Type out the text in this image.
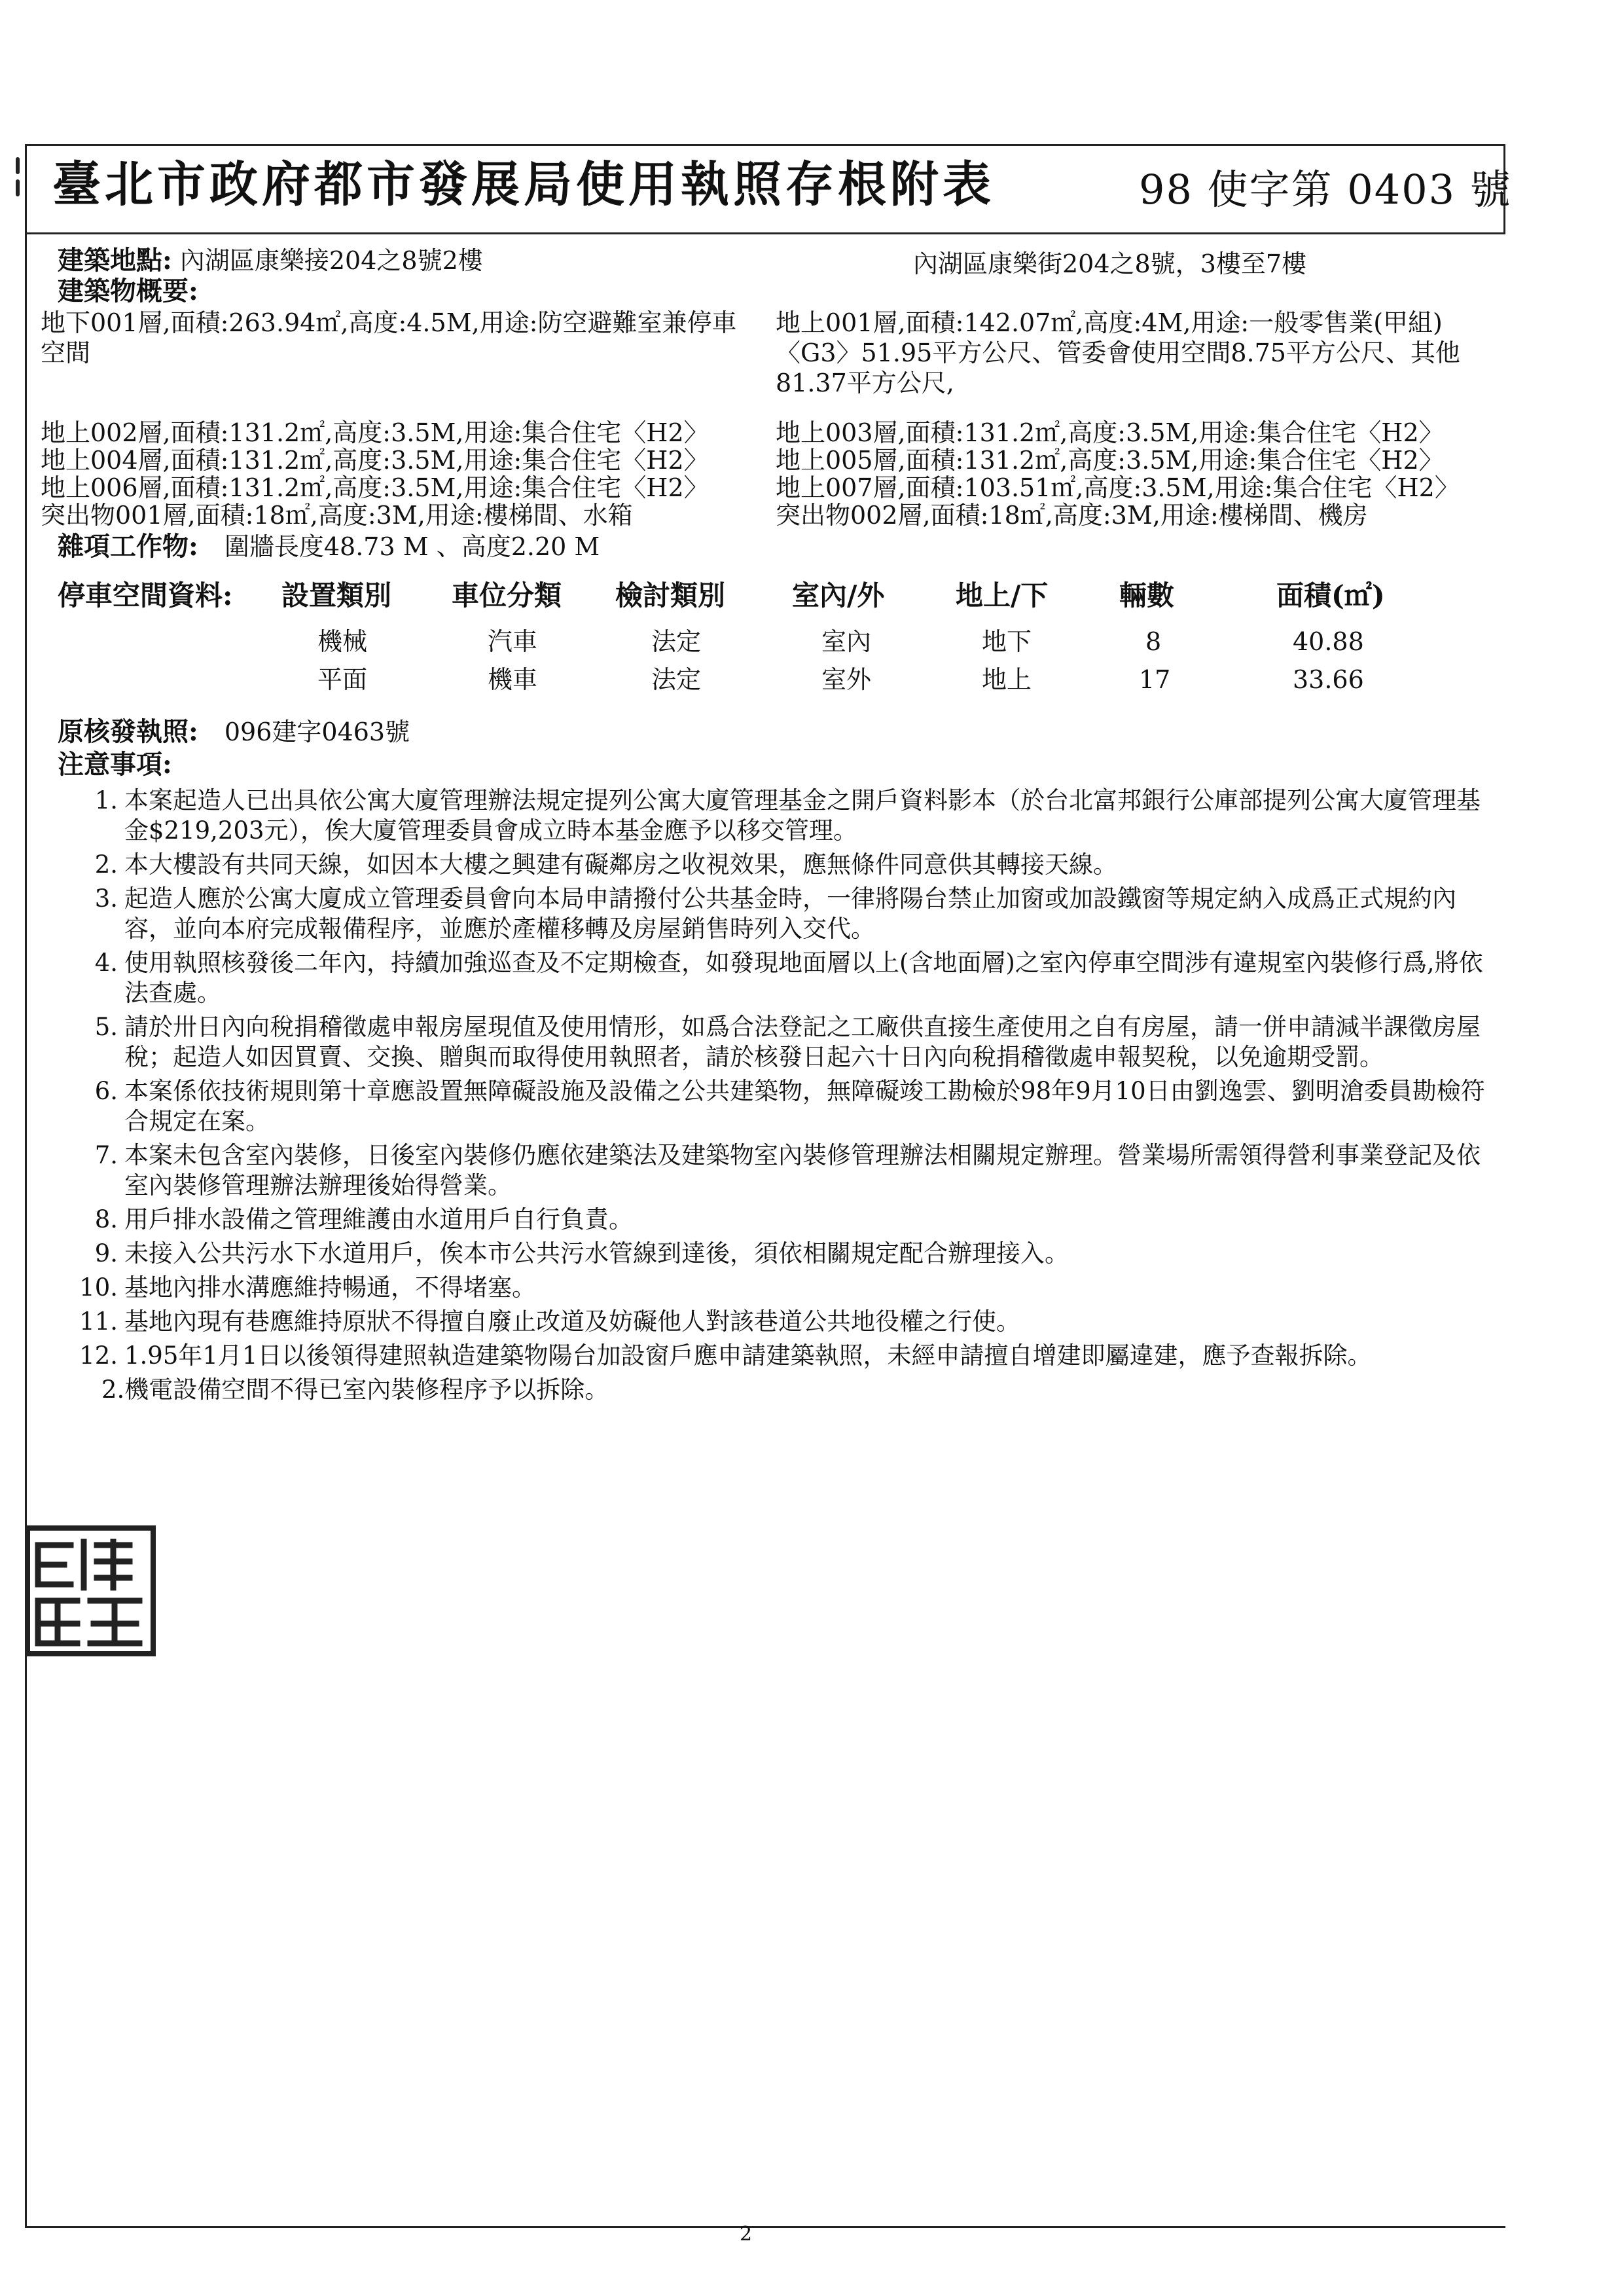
臺北市政府都市發展局使用執照存根附表	98 使字第 0403 號
建築地點: 內湖區康樂接204之8號2樓	內湖區康樂街204之8號，3樓至7樓
建築物概要:
地下001層,面積:263.94㎡,高度:4.5M,用途:防空避難室兼停車空間
地上002層,面積:131.2㎡,高度:3.5M,用途:集合住宅〈H2〉
地上004層,面積:131.2㎡,高度:3.5M,用途:集合住宅〈H2〉
地上006層,面積:131.2㎡,高度:3.5M,用途:集合住宅〈H2〉
突出物001層,面積:18㎡,高度:3M,用途:樓梯間、水箱
地上001層,面積:142.07㎡,高度:4M,用途:一般零售業(甲組)〈G3〉51.95平方公尺、管委會使用空間8.75平方公尺、其他81.37平方公尺,
地上003層,面積:131.2㎡,高度:3.5M,用途:集合住宅〈H2〉
地上005層,面積:131.2㎡,高度:3.5M,用途:集合住宅〈H2〉
地上007層,面積:103.51㎡,高度:3.5M,用途:集合住宅〈H2〉
突出物002層,面積:18㎡,高度:3M,用途:樓梯間、機房
雜項工作物: 圍牆長度48.73 M 、高度2.20 M
停車空間資料: 設置類別 車位分類 檢討類別 室內/外	地上/下	輛數	面積(㎡)
機械	汽車	法定	室內	地下	8	40.88
平面	機車	法定	室外	地上	17	33.66
原核發執照: 096建字0463號
注意事項:
1. 本案起造人已出具依公寓大廈管理辦法規定提列公寓大廈管理基金之開戶資料影本（於台北富邦銀行公庫部提列公寓大廈管理基金$219,203元），俟大廈管理委員會成立時本基金應予以移交管理。
2. 本大樓設有共同天線，如因本大樓之興建有礙鄰房之收視效果，應無條件同意供其轉接天線。
3. 起造人應於公寓大廈成立管理委員會向本局申請撥付公共基金時，一律將陽台禁止加窗或加設鐵窗等規定納入成爲正式規約內容，並向本府完成報備程序，並應於產權移轉及房屋銷售時列入交代。
4. 使用執照核發後二年內，持續加強巡查及不定期檢查，如發現地面層以上(含地面層)之室內停車空間涉有違規室內裝修行爲,將依法查處。
5. 請於卅日內向稅捐稽徵處申報房屋現值及使用情形，如爲合法登記之工廠供直接生產使用之自有房屋，請一併申請減半課徵房屋稅；起造人如因買賣、交換、贈與而取得使用執照者，請於核發日起六十日內向稅捐稽徵處申報契稅，以免逾期受罰。
6. 本案係依技術規則第十章應設置無障礙設施及設備之公共建築物，無障礙竣工勘檢於98年9月10日由劉逸雲、劉明滄委員勘檢符合規定在案。
7. 本案未包含室內裝修，日後室內裝修仍應依建築法及建築物室內裝修管理辦法相關規定辦理。營業場所需領得營利事業登記及依室內裝修管理辦法辦理後始得營業。
8. 用戶排水設備之管理維護由水道用戶自行負責。
9. 未接入公共污水下水道用戶，俟本市公共污水管線到達後，須依相關規定配合辦理接入。
10. 基地內排水溝應維持暢通，不得堵塞。
11. 基地內現有巷應維持原狀不得擅自廢止改道及妨礙他人對該巷道公共地役權之行使。
12. 1.95年1月1日以後領得建照執造建築物陽台加設窗戶應申請建築執照，未經申請擅自增建即屬違建，應予查報拆除。
2.機電設備空間不得已室內裝修程序予以拆除。
2
